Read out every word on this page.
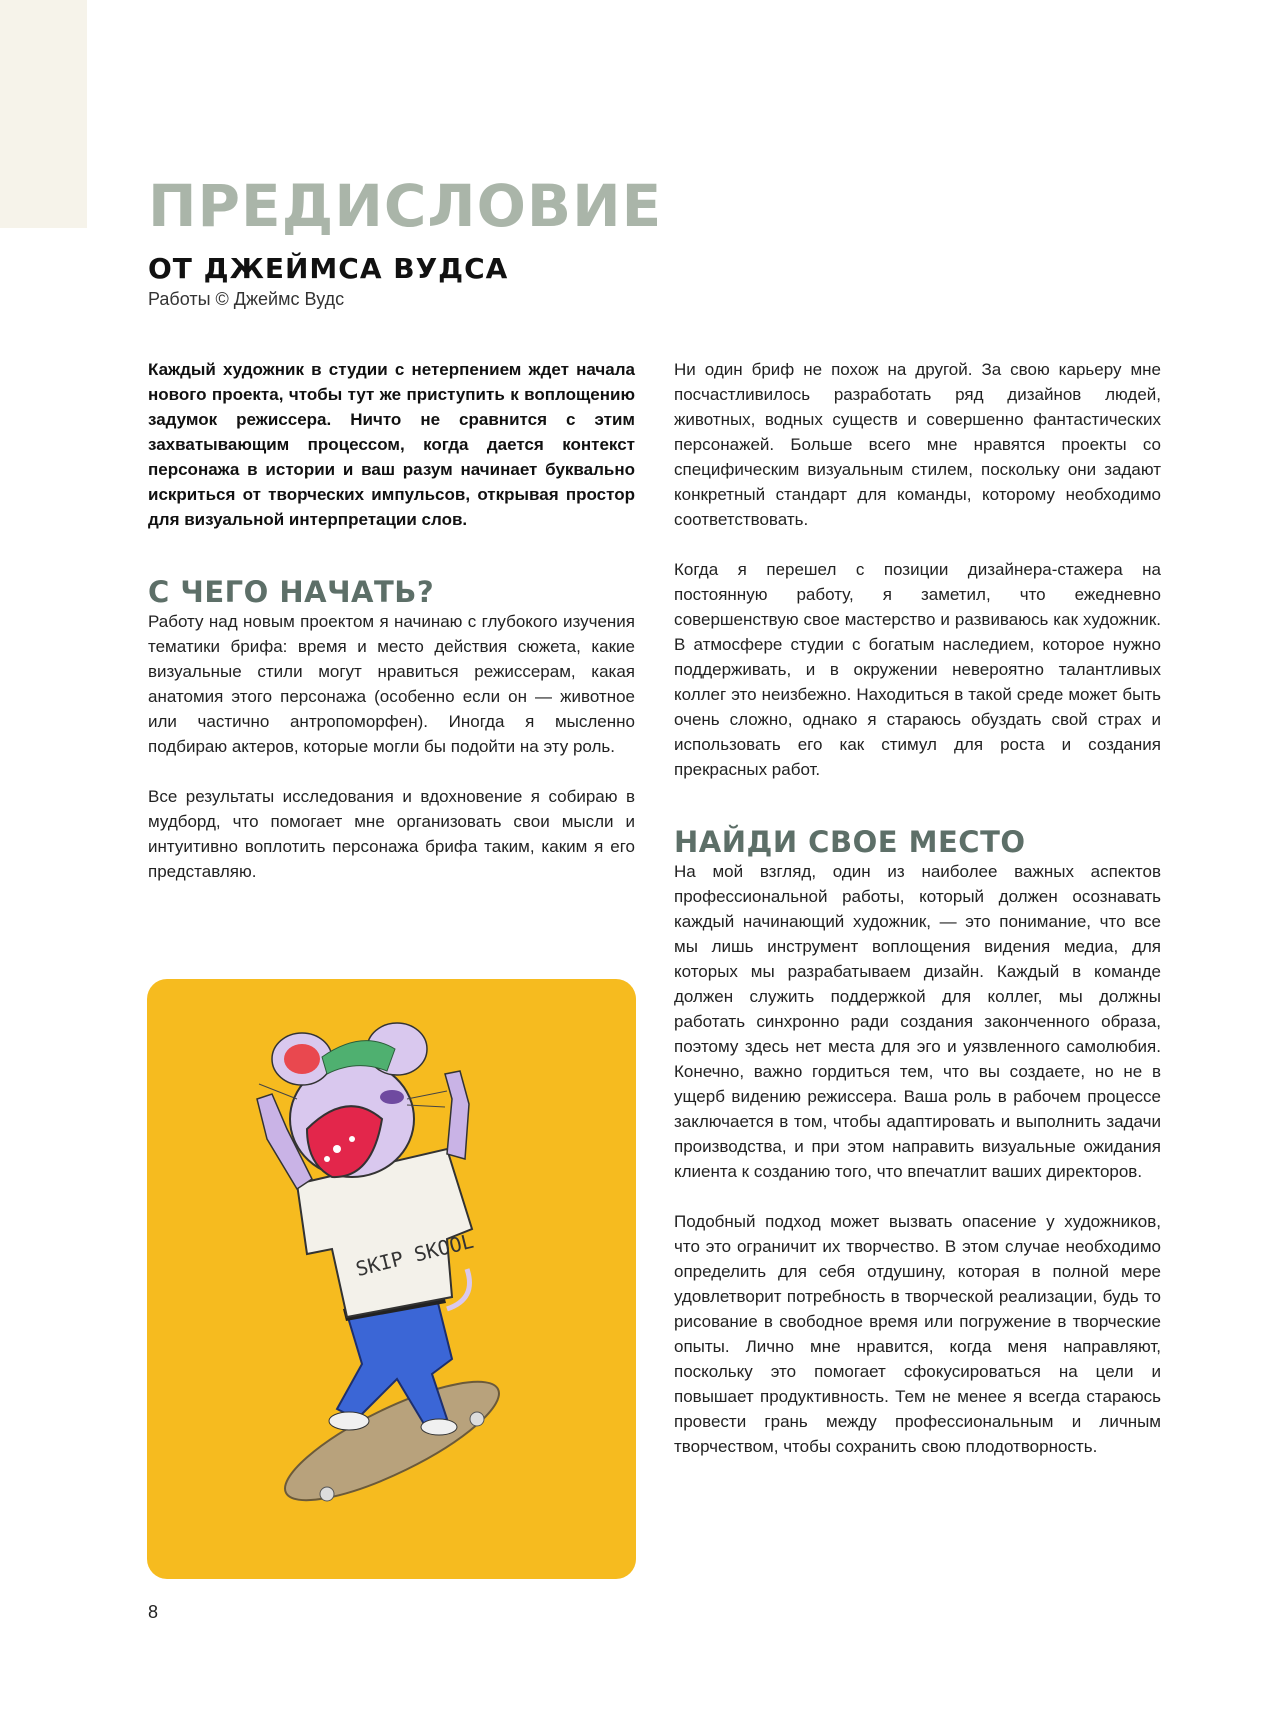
ПРЕДИСЛОВИЕ
ОТ ДЖЕЙМСА ВУДСА
Работы © Джеймс Вудс

Каждый художник в студии с нетерпением ждет начала нового проекта, чтобы тут же приступить к воплощению задумок режиссера. Ничто не сравнится с этим захватывающим процессом, когда дается контекст персонажа в истории и ваш разум начинает буквально искриться от творческих импульсов, открывая простор для визуальной интерпретации слов.

С ЧЕГО НАЧАТЬ?

Работу над новым проектом я начинаю с глубокого изучения тематики брифа: время и место действия сюжета, какие визуальные стили могут нравиться режиссерам, какая анатомия этого персонажа (особенно если он — животное или частично антропоморфен). Иногда я мысленно подбираю актеров, которые могли бы подойти на эту роль.

Все результаты исследования и вдохновение я собираю в мудборд, что помогает мне организовать свои мысли и интуитивно воплотить персонажа брифа таким, каким я его представляю.

Ни один бриф не похож на другой. За свою карьеру мне посчастливилось разработать ряд дизайнов людей, животных, водных существ и совершенно фантастических персонажей. Больше всего мне нравятся проекты со специфическим визуальным стилем, поскольку они задают конкретный стандарт для команды, которому необходимо соответствовать.

Когда я перешел с позиции дизайнера-стажера на постоянную работу, я заметил, что ежедневно совершенствую свое мастерство и развиваюсь как художник. В атмосфере студии с богатым наследием, которое нужно поддерживать, и в окружении невероятно талантливых коллег это неизбежно. Находиться в такой среде может быть очень сложно, однако я стараюсь обуздать свой страх и использовать его как стимул для роста и создания прекрасных работ.

НАЙДИ СВОЕ МЕСТО

На мой взгляд, один из наиболее важных аспектов профессиональной работы, который должен осознавать каждый начинающий художник, — это понимание, что все мы лишь инструмент воплощения видения медиа, для которых мы разрабатываем дизайн. Каждый в команде должен служить поддержкой для коллег, мы должны работать синхронно ради создания законченного образа, поэтому здесь нет места для эго и уязвленного самолюбия. Конечно, важно гордиться тем, что вы создаете, но не в ущерб видению режиссера. Ваша роль в рабочем процессе заключается в том, чтобы адаптировать и выполнить задачи производства, и при этом направить визуальные ожидания клиента к созданию того, что впечатлит ваших директоров.

Подобный подход может вызвать опасение у художников, что это ограничит их творчество. В этом случае необходимо определить для себя отдушину, которая в полной мере удовлетворит потребность в творческой реализации, будь то рисование в свободное время или погружение в творческие опыты. Лично мне нравится, когда меня направляют, поскольку это помогает сфокусироваться на цели и повышает продуктивность. Тем не менее я всегда стараюсь провести грань между профессиональным и личным творчеством, чтобы сохранить свою плодотворность.

SKIP SKOOL
8
